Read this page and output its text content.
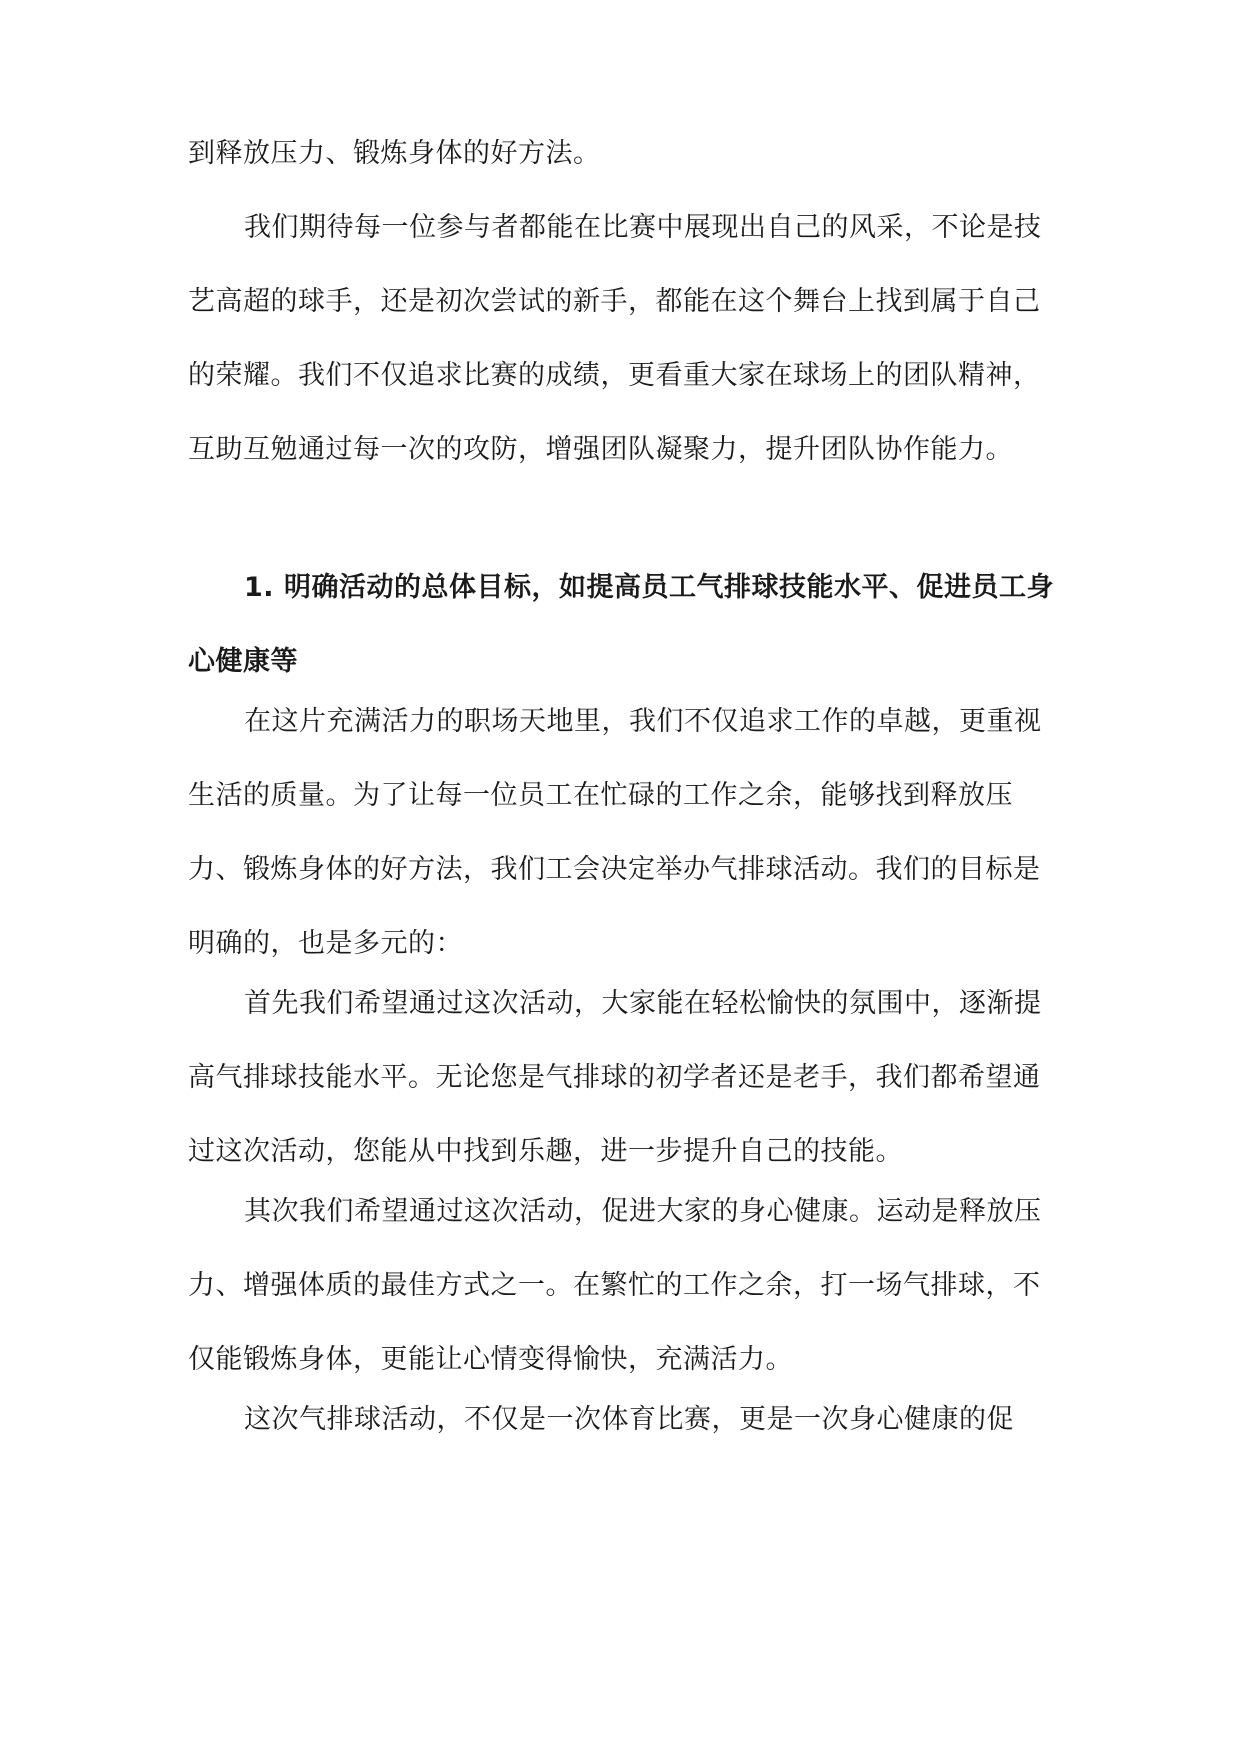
到释放压力、锻炼身体的好方法。

我们期待每一位参与者都能在比赛中展现出自己的风采，不论是技艺高超的球手，还是初次尝试的新手，都能在这个舞台上找到属于自己的荣耀。我们不仅追求比赛的成绩，更看重大家在球场上的团队精神，互助互勉通过每一次的攻防，增强团队凝聚力，提升团队协作能力。

1. 明确活动的总体目标，如提高员工气排球技能水平、促进员工身心健康等

在这片充满活力的职场天地里，我们不仅追求工作的卓越，更重视生活的质量。为了让每一位员工在忙碌的工作之余，能够找到释放压力、锻炼身体的好方法，我们工会决定举办气排球活动。我们的目标是明确的，也是多元的：

首先我们希望通过这次活动，大家能在轻松愉快的氛围中，逐渐提高气排球技能水平。无论您是气排球的初学者还是老手，我们都希望通过这次活动，您能从中找到乐趣，进一步提升自己的技能。

其次我们希望通过这次活动，促进大家的身心健康。运动是释放压力、增强体质的最佳方式之一。在繁忙的工作之余，打一场气排球，不仅能锻炼身体，更能让心情变得愉快，充满活力。

这次气排球活动，不仅是一次体育比赛，更是一次身心健康的促
